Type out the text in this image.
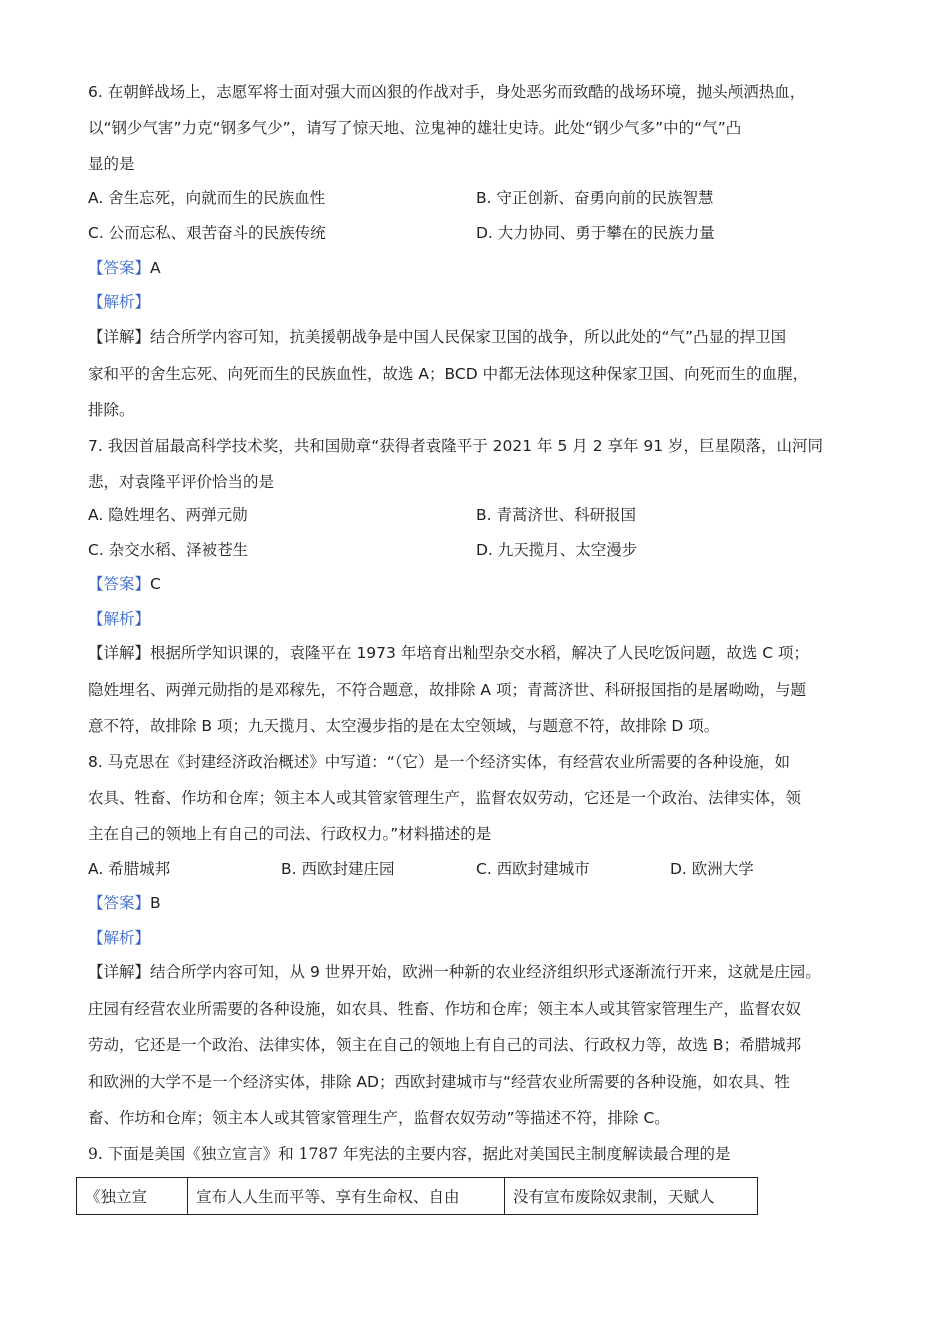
6. 在朝鲜战场上，志愿军将士面对强大而凶狠的作战对手，身处恶劣而致酷的战场环境，抛头颅洒热血，
以“钢少气害”力克“钢多气少”，请写了惊天地、泣鬼神的雄壮史诗。此处“钢少气多”中的“气”凸
显的是
A. 舍生忘死，向就而生的民族血性	B. 守正创新、奋勇向前的民族智慧
C. 公而忘私、艰苦奋斗的民族传统	D. 大力协同、勇于攀在的民族力量
【答案】A
【解析】
【详解】结合所学内容可知，抗美援朝战争是中国人民保家卫国的战争，所以此处的“气”凸显的捍卫国
家和平的舍生忘死、向死而生的民族血性，故选 A；BCD 中都无法体现这种保家卫国、向死而生的血腥，
排除。
7. 我因首届最高科学技术奖，共和国勋章“获得者袁隆平于 2021 年 5 月 2 享年 91 岁，巨星陨落，山河同
悲，对袁隆平评价恰当的是
A. 隐姓埋名、两弹元勋	B. 青蒿济世、科研报国
C. 杂交水稻、泽被苍生	D. 九天揽月、太空漫步
【答案】C
【解析】
【详解】根据所学知识课的，袁隆平在 1973 年培育出籼型杂交水稻，解决了人民吃饭问题，故选 C 项；
隐姓埋名、两弹元勋指的是邓稼先，不符合题意，故排除 A 项；青蒿济世、科研报国指的是屠呦呦，与题
意不符，故排除 B 项；九天揽月、太空漫步指的是在太空领域，与题意不符，故排除 D 项。
8. 马克思在《封建经济政治概述》中写道：“（它）是一个经济实体，有经营农业所需要的各种设施，如
农具、牲畜、作坊和仓库；领主本人或其管家管理生产，监督农奴劳动，它还是一个政治、法律实体，领
主在自己的领地上有自己的司法、行政权力。”材料描述的是
A. 希腊城邦	B. 西欧封建庄园	C. 西欧封建城市	D. 欧洲大学
【答案】B
【解析】
【详解】结合所学内容可知，从 9 世界开始，欧洲一种新的农业经济组织形式逐渐流行开来，这就是庄园。
庄园有经营农业所需要的各种设施，如农具、牲畜、作坊和仓库；领主本人或其管家管理生产，监督农奴
劳动，它还是一个政治、法律实体，领主在自己的领地上有自己的司法、行政权力等，故选 B；希腊城邦
和欧洲的大学不是一个经济实体，排除 AD；西欧封建城市与“经营农业所需要的各种设施，如农具、牲
畜、作坊和仓库；领主本人或其管家管理生产，监督农奴劳动”等描述不符，排除 C。
9. 下面是美国《独立宣言》和 1787 年宪法的主要内容，据此对美国民主制度解读最合理的是
《独立宣	宣布人人生而平等、享有生命权、自由	没有宣布废除奴隶制，天赋人
